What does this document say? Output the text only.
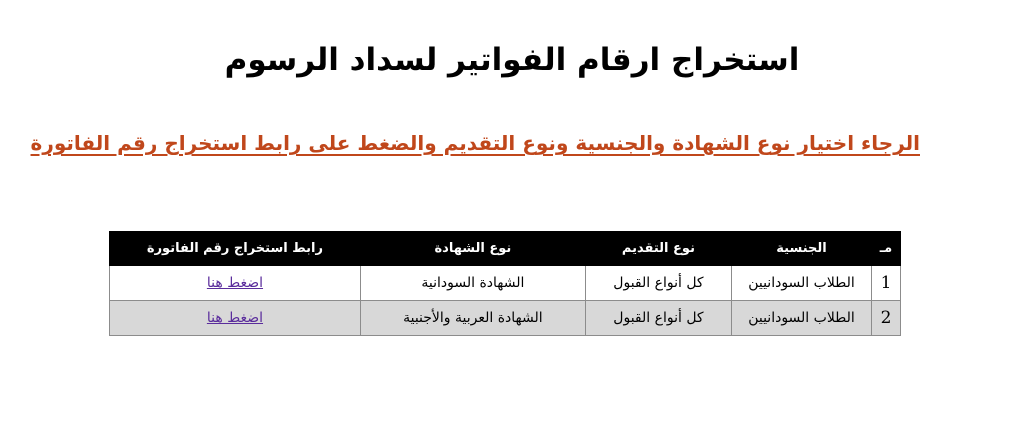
استخراج ارقام الفواتير لسداد الرسوم
الرجاء اختيار نوع الشهادة والجنسية ونوع التقديم والضغط على رابط استخراج رقم الفاتورة
مـ	الجنسية	نوع التقديم	نوع الشهادة	رابط استخراج رقم الفاتورة
1	الطلاب السودانيين	كل أنواع القبول	الشهادة السودانية	اضغط هنا
2	الطلاب السودانيين	كل أنواع القبول	الشهادة العربية والأجنبية	اضغط هنا
